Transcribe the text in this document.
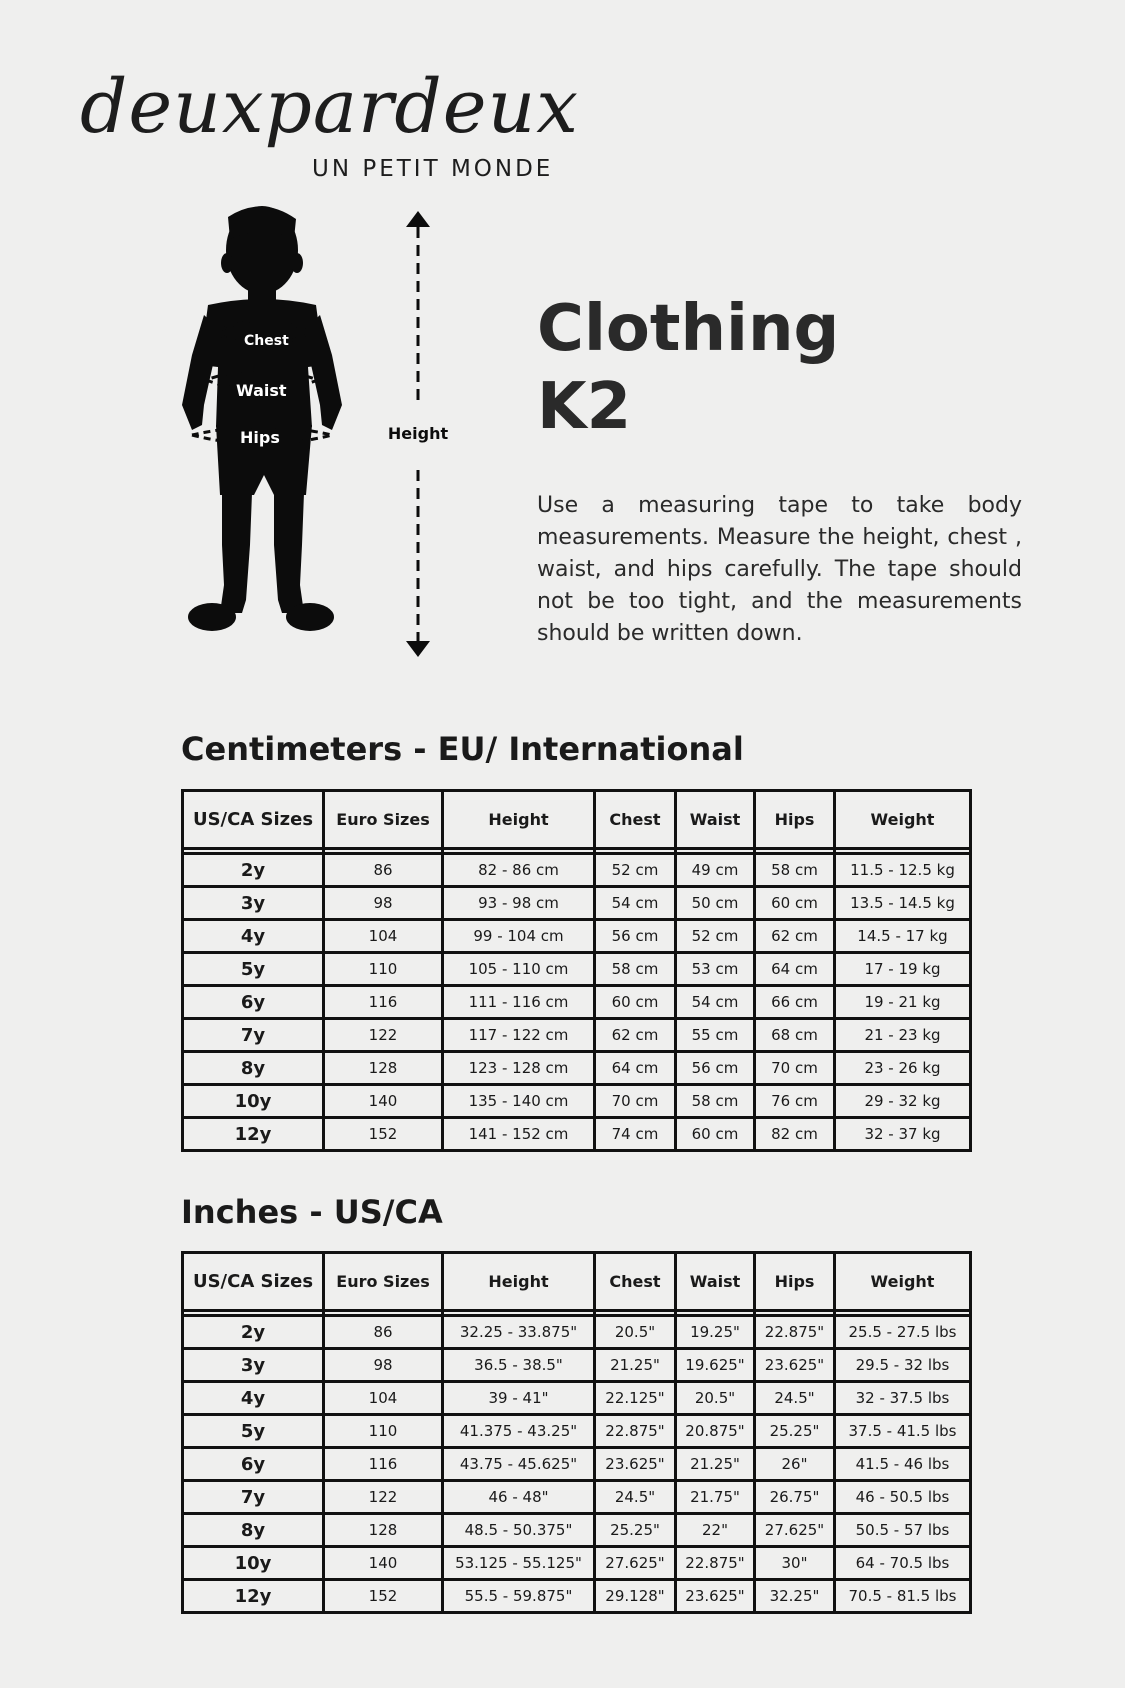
deuxpardeux
UN PETIT MONDE
Chest
Waist
Hips	Height
Clothing
K2

Use a measuring tape to take body measurements. Measure the height, chest , waist, and hips carefully. The tape should not be too tight, and the measurements should be written down.

Centimeters - EU/ International
US/CA Sizes	Euro Sizes	Height	Chest	Waist	Hips	Weight

2y	86	82 - 86 cm	52 cm	49 cm	58 cm	11.5 - 12.5 kg
3y	98	93 - 98 cm	54 cm	50 cm	60 cm	13.5 - 14.5 kg
4y	104	99 - 104 cm	56 cm	52 cm	62 cm	14.5 - 17 kg
5y	110	105 - 110 cm	58 cm	53 cm	64 cm	17 - 19 kg
6y	116	111 - 116 cm	60 cm	54 cm	66 cm	19 - 21 kg
7y	122	117 - 122 cm	62 cm	55 cm	68 cm	21 - 23 kg
8y	128	123 - 128 cm	64 cm	56 cm	70 cm	23 - 26 kg
10y	140	135 - 140 cm	70 cm	58 cm	76 cm	29 - 32 kg
12y	152	141 - 152 cm	74 cm	60 cm	82 cm	32 - 37 kg
Inches - US/CA
US/CA Sizes	Euro Sizes	Height	Chest	Waist	Hips	Weight

2y	86	32.25 - 33.875"	20.5"	19.25"	22.875"	25.5 - 27.5 lbs
3y	98	36.5 - 38.5"	21.25"	19.625"	23.625"	29.5 - 32 lbs
4y	104	39 - 41"	22.125"	20.5"	24.5"	32 - 37.5 lbs
5y	110	41.375 - 43.25"	22.875"	20.875"	25.25"	37.5 - 41.5 lbs
6y	116	43.75 - 45.625"	23.625"	21.25"	26"	41.5 - 46 lbs
7y	122	46 - 48"	24.5"	21.75"	26.75"	46 - 50.5 lbs
8y	128	48.5 - 50.375"	25.25"	22"	27.625"	50.5 - 57 lbs
10y	140	53.125 - 55.125"	27.625"	22.875"	30"	64 - 70.5 lbs
12y	152	55.5 - 59.875"	29.128"	23.625"	32.25"	70.5 - 81.5 lbs
